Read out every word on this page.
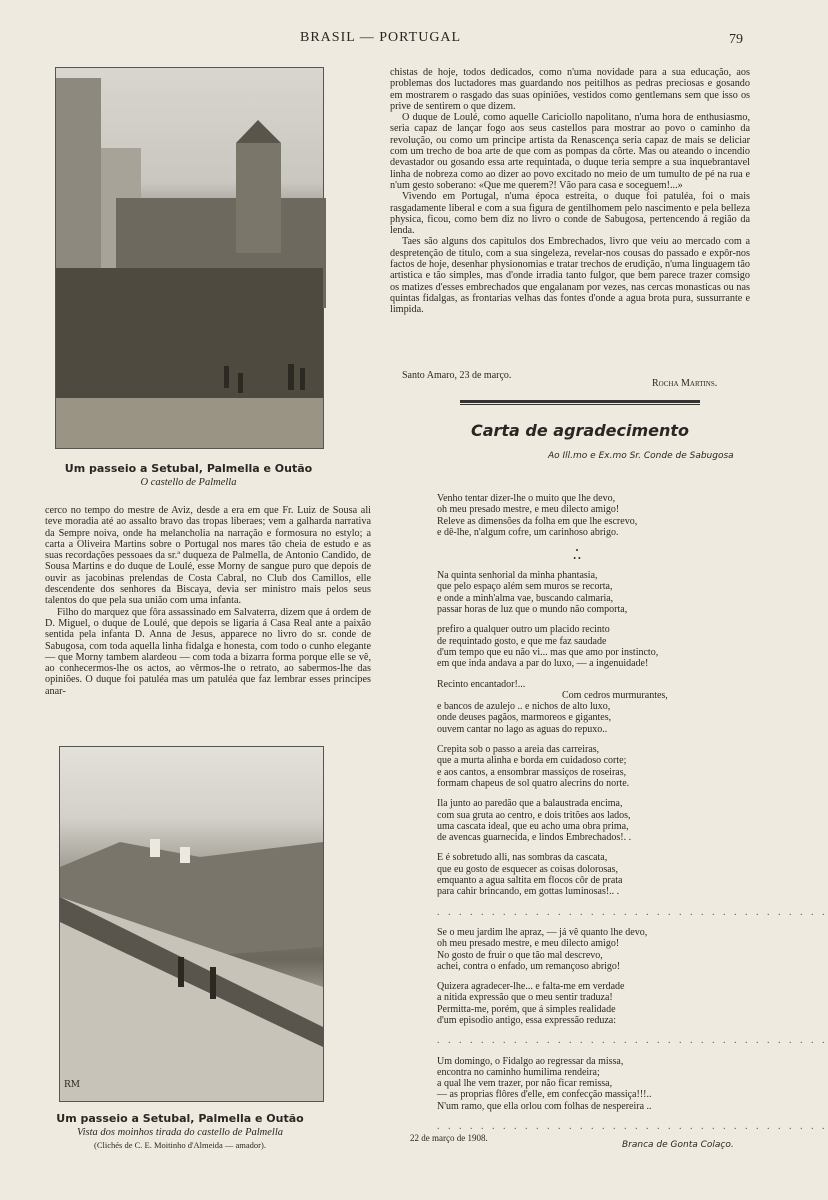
BRASIL — PORTUGAL	79
Um passeio a Setubal, Palmella e Outão
O castello de Palmella

cerco no tempo do mestre de Aviz, desde a era em que Fr. Luiz de Sousa ali teve moradia até ao assalto bravo das tropas liberaes; vem a galharda narrativa da Sempre noiva, onde ha melancholia na narração e formosura no estylo; a carta a Oliveira Martins sobre o Portugal nos mares tão cheia de estudo e as suas recordações pessoaes da sr.ª duqueza de Palmella, de Antonio Candido, de Sousa Martins e do duque de Loulé, esse Morny de sangue puro que depois de ouvir as jacobinas prelendas de Costa Cabral, no Club dos Camillos, elle descendente dos senhores da Biscaya, devia ser ministro mais pelos seus talentos do que pela sua união com uma infanta.

Filho do marquez que fôra assassinado em Salvaterra, dizem que á ordem de D. Miguel, o duque de Loulé, que depois se ligaria á Casa Real ante a paixão sentida pela infanta D. Anna de Jesus, apparece no livro do sr. conde de Sabugosa, com toda aquella linha fidalga e honesta, com todo o cunho elegante — que Morny tambem alardeou — com toda a bizarra forma porque elle se vê, ao conhecermos-lhe os actos, ao vêrmos-lhe o retrato, ao sabermos-lhe das opiniões. O duque foi patuléa mas um patuléa que faz lembrar esses principes anar-

RM
Um passeio a Setubal, Palmella e Outão
Vista dos moinhos tirada do castello de Palmella
(Clichés de C. E. Moitinho d'Almeida — amador).

chistas de hoje, todos dedicados, como n'uma novidade para a sua educação, aos problemas dos luctadores mas guardando nos peitilhos as pedras preciosas e gosando em mostrarem o rasgado das suas opiniões, vestidos como gentlemans sem que isso os prive de sentirem o que dizem.

O duque de Loulé, como aquelle Cariciollo napolitano, n'uma hora de enthusiasmo, seria capaz de lançar fogo aos seus castellos para mostrar ao povo o caminho da revolução, ou como um principe artista da Renascença seria capaz de mais se deliciar com um trecho de boa arte de que com as pompas da côrte. Mas ou ateando o incendio devastador ou gosando essa arte requintada, o duque teria sempre a sua inquebrantavel linha de nobreza como ao dizer ao povo excitado no meio de um tumulto de pé na rua e n'um gesto soberano: «Que me querem?! Vão para casa e soceguem!...»

Vivendo em Portugal, n'uma época estreita, o duque foi patuléa, foi o mais rasgadamente liberal e com a sua figura de gentilhomem pelo nascimento e pela belleza physica, ficou, como bem diz no livro o conde de Sabugosa, pertencendo á região da lenda.

Taes são alguns dos capitulos dos Embrechados, livro que veiu ao mercado com a despretenção de titulo, com a sua singeleza, revelar-nos cousas do passado e expôr-nos factos de hoje, desenhar physionomias e tratar trechos de erudição, n'uma linguagem tão artistica e tão simples, mas d'onde irradia tanto fulgor, que bem parece trazer comsigo os matizes d'esses embrechados que engalanam por vezes, nas cercas monasticas ou nas quintas fidalgas, as frontarias velhas das fontes d'onde a agua brota pura, sussurrante e limpida.

Santo Amaro, 23 de março.
Rocha Martins.
Carta de agradecimento
Ao Ill.mo e Ex.mo Sr. Conde de Sabugosa
Venho tentar dizer-lhe o muito que lhe devo,
oh meu presado mestre, e meu dilecto amigo!
Releve as dimensões da folha em que lhe escrevo,
e dê-lhe, n'algum cofre, um carinhoso abrigo.
•
• •
Na quinta senhorial da minha phantasia,
que pelo espaço além sem muros se recorta,
e onde a minh'alma vae, buscando calmaria,
passar horas de luz que o mundo não comporta,
prefiro a qualquer outro um placido recinto
de requintado gosto, e que me faz saudade
d'um tempo que eu não vi... mas que amo por instincto,
em que inda andava a par do luxo, — a ingenuidade!
Recinto encantador!...
Com cedros murmurantes,
e bancos de azulejo .. e nichos de alto luxo,
onde deuses pagãos, marmoreos e gigantes,
ouvem cantar no lago as aguas do repuxo..
Crepita sob o passo a areia das carreiras,
que a murta alinha e borda em cuidadoso corte;
e aos cantos, a ensombrar massiços de roseiras,
formam chapeus de sol quatro alecrins do norte.
Ila junto ao paredão que a balaustrada encima,
com sua gruta ao centro, e dois tritões aos lados,
uma cascata ideal, que eu acho uma obra prima,
de avencas guarnecida, e lindos Embrechados!. .
E é sobretudo alli, nas sombras da cascata,
que eu gosto de esquecer as coisas dolorosas,
emquanto a agua saltita em flocos côr de prata
para cahir brincando, em gottas luminosas!.. .
. . . . . . . . . . . . . . . . . . . . . . . . . . . . . . . . . . . .
Se o meu jardim lhe apraz, — já vê quanto lhe devo,
oh meu presado mestre, e meu dilecto amigo!
No gosto de fruir o que tão mal descrevo,
achei, contra o enfado, um remançoso abrigo!
Quizera agradecer-lhe... e falta-me em verdade
a nitida expressão que o meu sentir traduza!
Permitta-me, porém, que á simples realidade
d'um episodio antigo, essa expressão reduza:
. . . . . . . . . . . . . . . . . . . . . . . . . . . . . . . . . . . .
Um domingo, o Fidalgo ao regressar da missa,
encontra no caminho humilima rendeira;
a qual lhe vem trazer, por não ficar remissa,
— as proprias flôres d'elle, em confecção massiça!!!..
N'um ramo, que ella orlou com folhas de nespereira ..
. . . . . . . . . . . . . . . . . . . . . . . . . . . . . . . . . . . .
22 de março de 1908.
Branca de Gonta Colaço.
